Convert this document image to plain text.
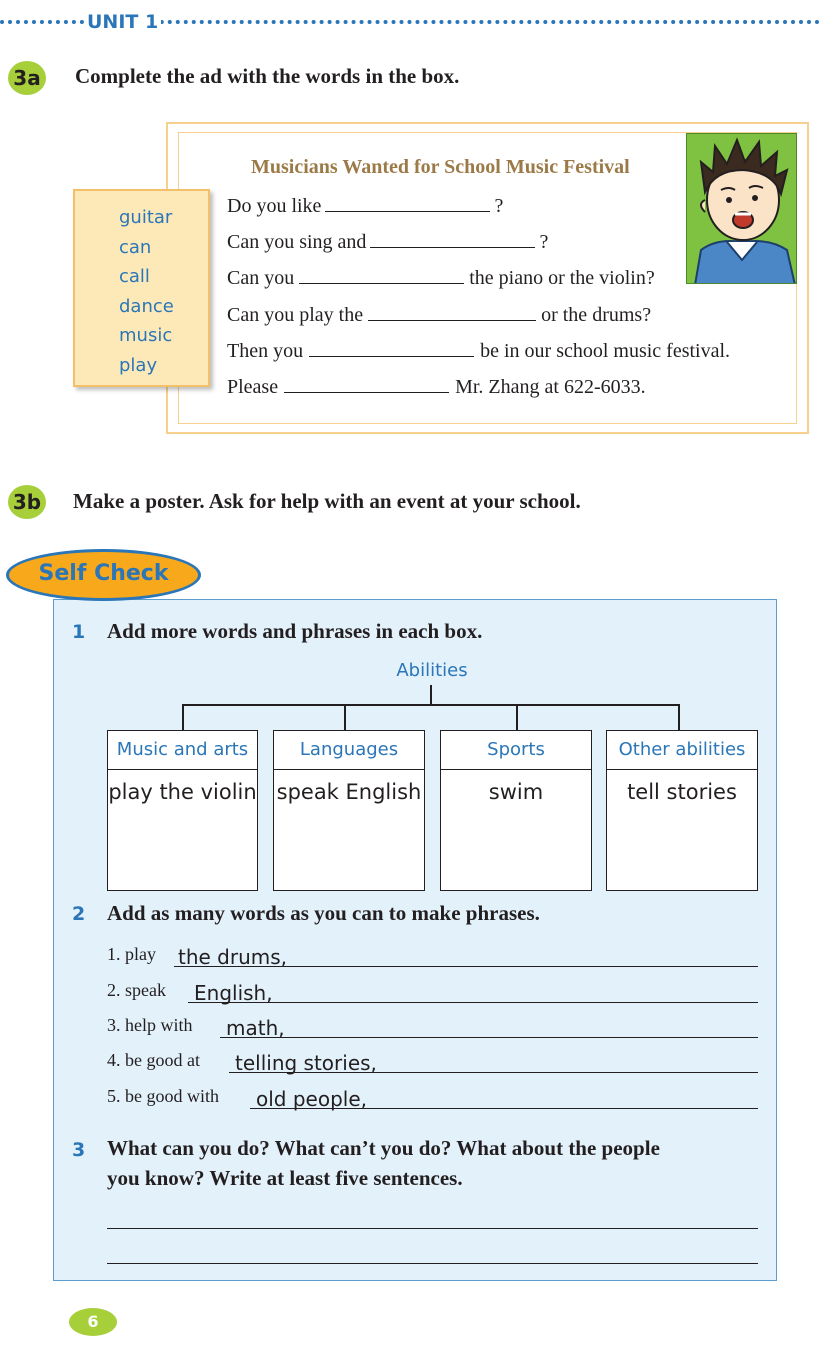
UNIT 1
3a Complete the ad with the words in the box.
Musicians Wanted for School Music Festival
Do you like	?
Can you sing and	?
Can you	the piano or the violin?
Can you play the	or the drums?
Then you	be in our school music festival.
Please	Mr. Zhang at 622-6033.
guitar
can
call
dance
music
play
3b Make a poster. Ask for help with an event at your school.
Self Check
1 Add more words and phrases in each box.
Abilities
Music and arts
play the violin
Languages
speak English
Sports
swim
Other abilities
tell stories
2 Add as many words as you can to make phrases.
1. play the drums,
2. speak	English,
3. help with	math,
4. be good at	telling stories,
5. be good with	old people,
3 What can you do? What can’t you do? What about the people
you know? Write at least five sentences.
6
